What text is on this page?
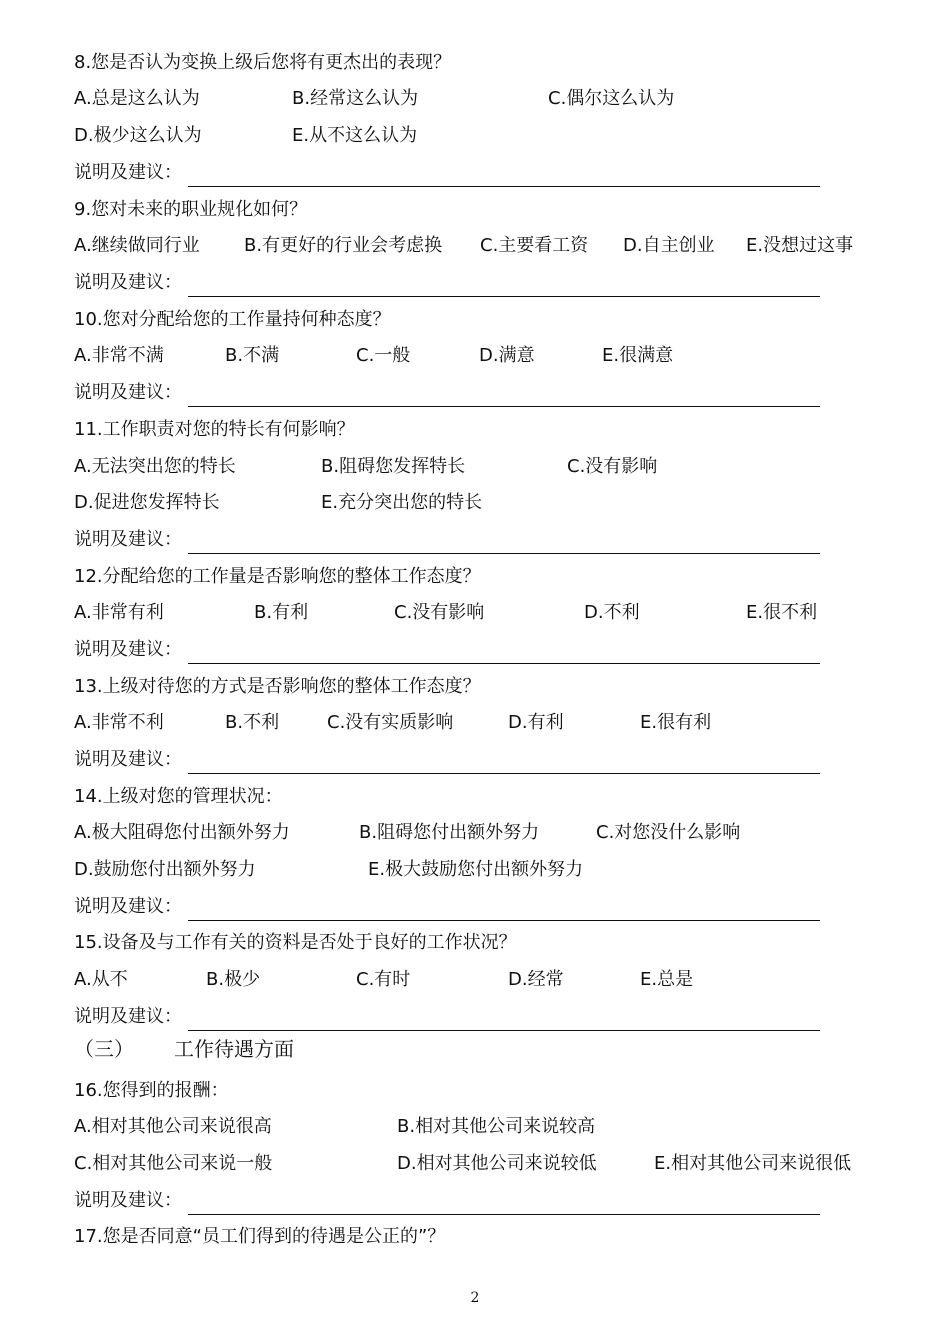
8.您是否认为变换上级后您将有更杰出的表现？
A.总是这么认为	B.经常这么认为	C.偶尔这么认为
D.极少这么认为	E.从不这么认为
说明及建议：
9.您对未来的职业规化如何？
A.继续做同行业 B.有更好的行业会考虑换 C.主要看工资 D.自主创业 E.没想过这事
说明及建议：
10.您对分配给您的工作量持何种态度？
A.非常不满	B.不满	C.一般	D.满意	E.很满意
说明及建议：
11.工作职责对您的特长有何影响？
A.无法突出您的特长	B.阻碍您发挥特长	C.没有影响
D.促进您发挥特长	E.充分突出您的特长
说明及建议：
12.分配给您的工作量是否影响您的整体工作态度？
A.非常有利	B.有利	C.没有影响	D.不利	E.很不利
说明及建议：
13.上级对待您的方式是否影响您的整体工作态度？
A.非常不利	B.不利	C.没有实质影响	D.有利	E.很有利
说明及建议：
14.上级对您的管理状况：
A.极大阻碍您付出额外努力	B.阻碍您付出额外努力	C.对您没什么影响
D.鼓励您付出额外努力	E.极大鼓励您付出额外努力
说明及建议：
15.设备及与工作有关的资料是否处于良好的工作状况？
A.从不	B.极少	C.有时	D.经常	E.总是
说明及建议：
（三） 工作待遇方面
16.您得到的报酬：
A.相对其他公司来说很高	B.相对其他公司来说较高
C.相对其他公司来说一般	D.相对其他公司来说较低	E.相对其他公司来说很低
说明及建议：
17.您是否同意“员工们得到的待遇是公正的”？
2
